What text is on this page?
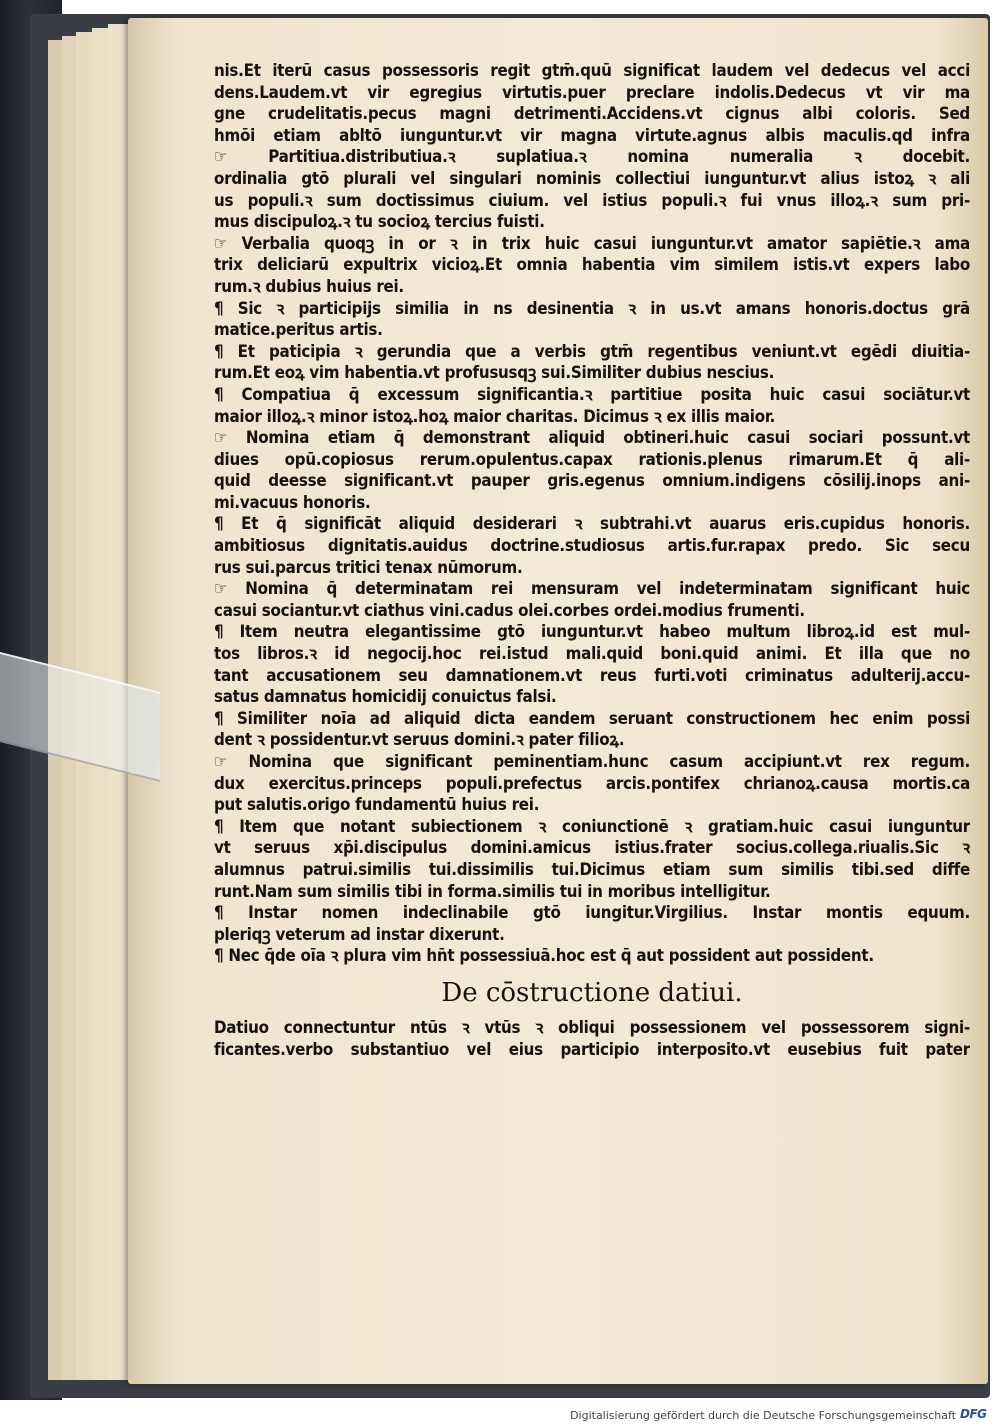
nis.Et iterū casus possessoris regit gtm̄.quū significat laudem vel dedecus vel acci
dens.Laudem.vt vir egregius virtutis.puer preclare indolis.Dedecus vt vir ma
gne crudelitatis.pecus magni detrimenti.Accidens.vt cignus albi coloris. Sed
hmōi etiam abltō iunguntur.vt vir magna virtute.agnus albis maculis.qd infra
☞ Partitiua.distributiua.ꝛ suplatiua.ꝛ nomina numeralia ꝛ docebit.
ordinalia gtō plurali vel singulari nominis collectiui iunguntur.vt alius istoꝝ ꝛ ali
us populi.ꝛ sum doctissimus ciuium. vel istius populi.ꝛ fui vnus illoꝝ.ꝛ sum pri-
mus discipuloꝝ.ꝛ tu socioꝝ tercius fuisti.
☞ Verbalia quoqꝫ in or ꝛ in trix huic casui iunguntur.vt amator sapiētie.ꝛ ama
trix deliciarū expultrix vicioꝝ.Et omnia habentia vim similem istis.vt expers labo
rum.ꝛ dubius huius rei.
¶ Sic ꝛ participijs similia in ns desinentia ꝛ in us.vt amans honoris.doctus grā
matice.peritus artis.
¶ Et paticipia ꝛ gerundia que a verbis gtm̄ regentibus veniunt.vt egēdi diuitia-
rum.Et eoꝝ vim habentia.vt profususqꝫ sui.Similiter dubius nescius.
¶ Compatiua q̄ excessum significantia.ꝛ partitiue posita huic casui sociātur.vt
maior illoꝝ.ꝛ minor istoꝝ.hoꝝ maior charitas. Dicimus ꝛ ex illis maior.
☞ Nomina etiam q̄ demonstrant aliquid obtineri.huic casui sociari possunt.vt
diues opū.copiosus rerum.opulentus.capax rationis.plenus rimarum.Et q̄ ali-
quid deesse significant.vt pauper gris.egenus omnium.indigens cōsilij.inops ani-
mi.vacuus honoris.
¶ Et q̄ significāt aliquid desiderari ꝛ subtrahi.vt auarus eris.cupidus honoris.
ambitiosus dignitatis.auidus doctrine.studiosus artis.fur.rapax predo. Sic secu
rus sui.parcus tritici tenax nūmorum.
☞ Nomina q̄ determinatam rei mensuram vel indeterminatam significant huic
casui sociantur.vt ciathus vini.cadus olei.corbes ordei.modius frumenti.
¶ Item neutra elegantissime gtō iunguntur.vt habeo multum libroꝝ.id est mul-
tos libros.ꝛ id negocij.hoc rei.istud mali.quid boni.quid animi. Et illa que no
tant accusationem seu damnationem.vt reus furti.voti criminatus adulterij.accu-
satus damnatus homicidij conuictus falsi.
¶ Similiter noīa ad aliquid dicta eandem seruant constructionem hec enim possi
dent ꝛ possidentur.vt seruus domini.ꝛ pater filioꝝ.
☞ Nomina que significant peminentiam.hunc casum accipiunt.vt rex regum.
dux exercitus.princeps populi.prefectus arcis.pontifex chrianoꝝ.causa mortis.ca
put salutis.origo fundamentū huius rei.
¶ Item que notant subiectionem ꝛ coniunctionē ꝛ gratiam.huic casui iunguntur
vt seruus xp̄i.discipulus domini.amicus istius.frater socius.collega.riualis.Sic ꝛ
alumnus patrui.similis tui.dissimilis tui.Dicimus etiam sum similis tibi.sed diffe
runt.Nam sum similis tibi in forma.similis tui in moribus intelligitur.
¶ Instar nomen indeclinabile gtō iungitur.Virgilius. Instar montis equum.
pleriqꝫ veterum ad instar dixerunt.
¶ Nec q̄de oīa ꝛ plura vim hn̄t possessiuā.hoc est q̄ aut possident aut possident.
De cōstructione datiui.
Datiuo connectuntur ntūs ꝛ vtūs ꝛ obliqui possessionem vel possessorem signi-
ficantes.verbo substantiuo vel eius participio interposito.vt eusebius fuit pater
Digitalisierung gefördert durch die Deutsche Forschungsgemeinschaft DFG
